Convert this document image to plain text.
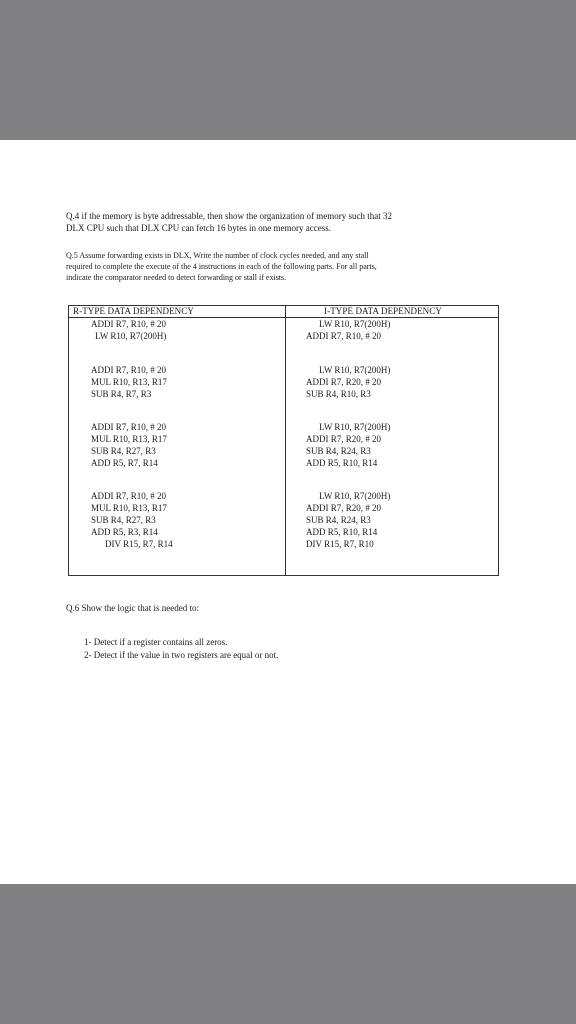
Q.4 if the memory is byte addressable, then show the organization of memory such that 32
DLX CPU such that DLX CPU can fetch 16 bytes in one memory access.
Q.5 Assume forwarding exists in DLX, Write the number of clock cycles needed, and any stall
required to complete the execute of the 4 instructions in each of the following parts. For all parts,
indicate the comparator needed to detect forwarding or stall if exists.
R-TYPE DATA DEPENDENCY	I-TYPE DATA DEPENDENCY
ADDI R7, R10, # 20
LW R10, R7(200H)
ADDI R7, R10, # 20
MUL R10, R13, R17
SUB R4, R7, R3
ADDI R7, R10, # 20
MUL R10, R13, R17
SUB R4, R27, R3
ADD R5, R7, R14
ADDI R7, R10, # 20
MUL R10, R13, R17
SUB R4, R27, R3
ADD R5, R3, R14
DIV R15, R7, R14
LW R10, R7(200H)
ADDI R7, R10, # 20
LW R10, R7(200H)
ADDI R7, R20, # 20
SUB R4, R10, R3
LW R10, R7(200H)
ADDI R7, R20, # 20
SUB R4, R24, R3
ADD R5, R10, R14
LW R10, R7(200H)
ADDI R7, R20, # 20
SUB R4, R24, R3
ADD R5, R10, R14
DIV R15, R7, R10
Q.6 Show the logic that is needed to:
1- Detect if a register contains all zeros.
2- Detect if the value in two registers are equal or not.
